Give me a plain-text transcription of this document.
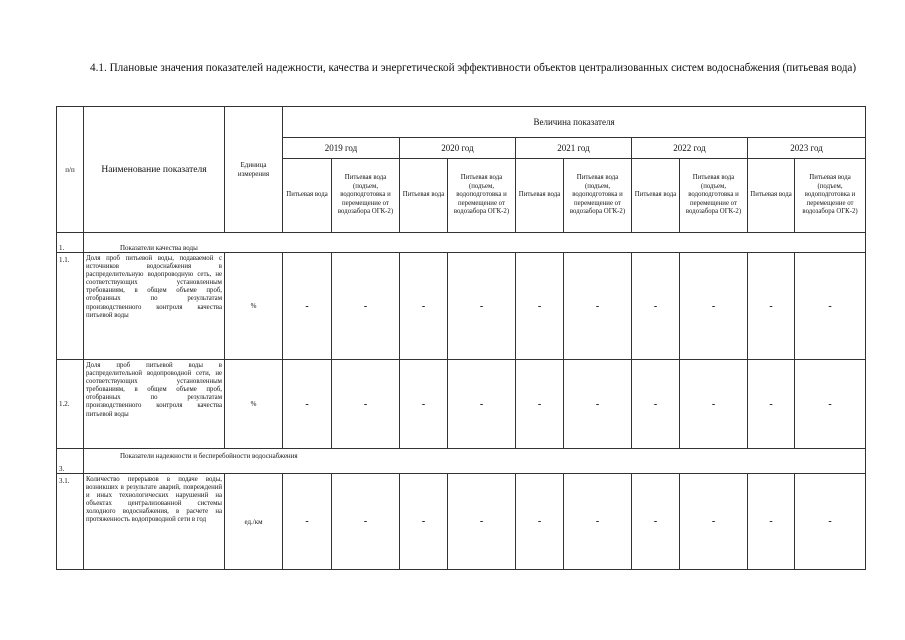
4.1. Плановые значения показателей надежности, качества и энергетической эффективности объектов централизованных систем водоснабжения (питьевая вода)
п/п	Наименование показателя	Единица измерения	Величина показателя									
			2019 год		2020 год		2021 год		2022 год		2023 год	
			Питьевая вода	Питьевая вода (подъем, водоподготовка и перемещение от водозабора ОГК-2)	Питьевая вода	Питьевая вода (подъем, водоподготовка и перемещение от водозабора ОГК-2)	Питьевая вода	Питьевая вода (подъем, водоподготовка и перемещение от водозабора ОГК-2)	Питьевая вода	Питьевая вода (подъем, водоподготовка и перемещение от водозабора ОГК-2)	Питьевая вода	Питьевая вода (подъем, водоподготовка и перемещение от водозабора ОГК-2)
1.	Показатели качества воды											
1.1.	Доля проб питьевой воды, подаваемой с источников водоснабжения в распределительную водопроводную сеть, не соответствующих установленным требованиям, в общем объеме проб, отобранных по результатам производственного контроля качества питьевой воды	%	-	-	-	-	-	-	-	-	-	-
1.2.	Доля проб питьевой воды в распределительной водопроводной сети, не соответствующих установленным требованиям, в общем объеме проб, отобранных по результатам производственного контроля качества питьевой воды	%	-	-	-	-	-	-	-	-	-	-
3.	Показатели надежности и бесперебойности водоснабжения											
3.1.	Количество перерывов в подаче воды, возникших в результате аварий, повреждений и иных технологических нарушений на объектах централизованной системы холодного водоснабжения, в расчете на протяженность водопроводной сети в год	ед./км	-	-	-	-	-	-	-	-	-	-
